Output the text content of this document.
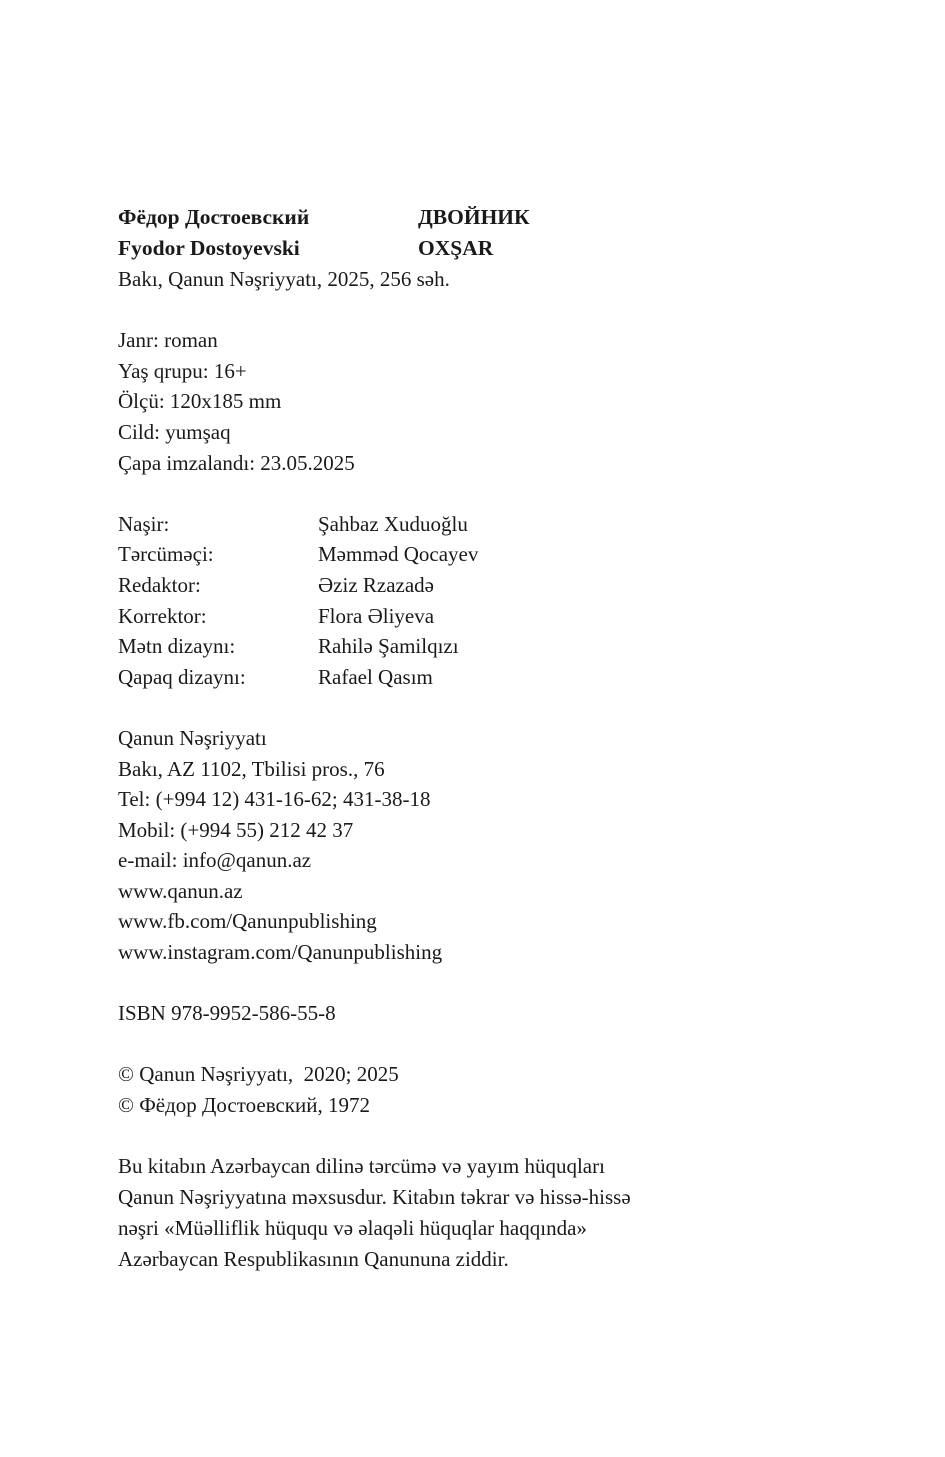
Фёдор Достоевский	ДВОЙНИК
Fyodor Dostoyevski	OXŞAR
Bakı, Qanun Nəşriyyatı, 2025, 256 səh.
Janr: roman
Yaş qrupu: 16+
Ölçü: 120x185 mm
Cild: yumşaq
Çapa imzalandı: 23.05.2025
Naşir:	Şahbaz Xuduoğlu
Tərcüməçi:	Məmməd Qocayev
Redaktor:	Əziz Rzazadə
Korrektor:	Flora Əliyeva
Mətn dizaynı:	Rahilə Şamilqızı
Qapaq dizaynı:	Rafael Qasım
Qanun Nəşriyyatı
Bakı, AZ 1102, Tbilisi pros., 76
Tel: (+994 12) 431-16-62; 431-38-18
Mobil: (+994 55) 212 42 37
e-mail: info@qanun.az
www.qanun.az
www.fb.com/Qanunpublishing
www.instagram.com/Qanunpublishing
ISBN 978-9952-586-55-8
© Qanun Nəşriyyatı,  2020; 2025
© Фёдор Достоевский, 1972
Bu kitabın Azərbaycan dilinə tərcümə və yayım hüquqları
Qanun Nəşriyyatına məxsusdur. Kitabın təkrar və hissə-hissə
nəşri «Müəlliflik hüququ və əlaqəli hüquqlar haqqında»
Azərbaycan Respublikasının Qanununa ziddir.
